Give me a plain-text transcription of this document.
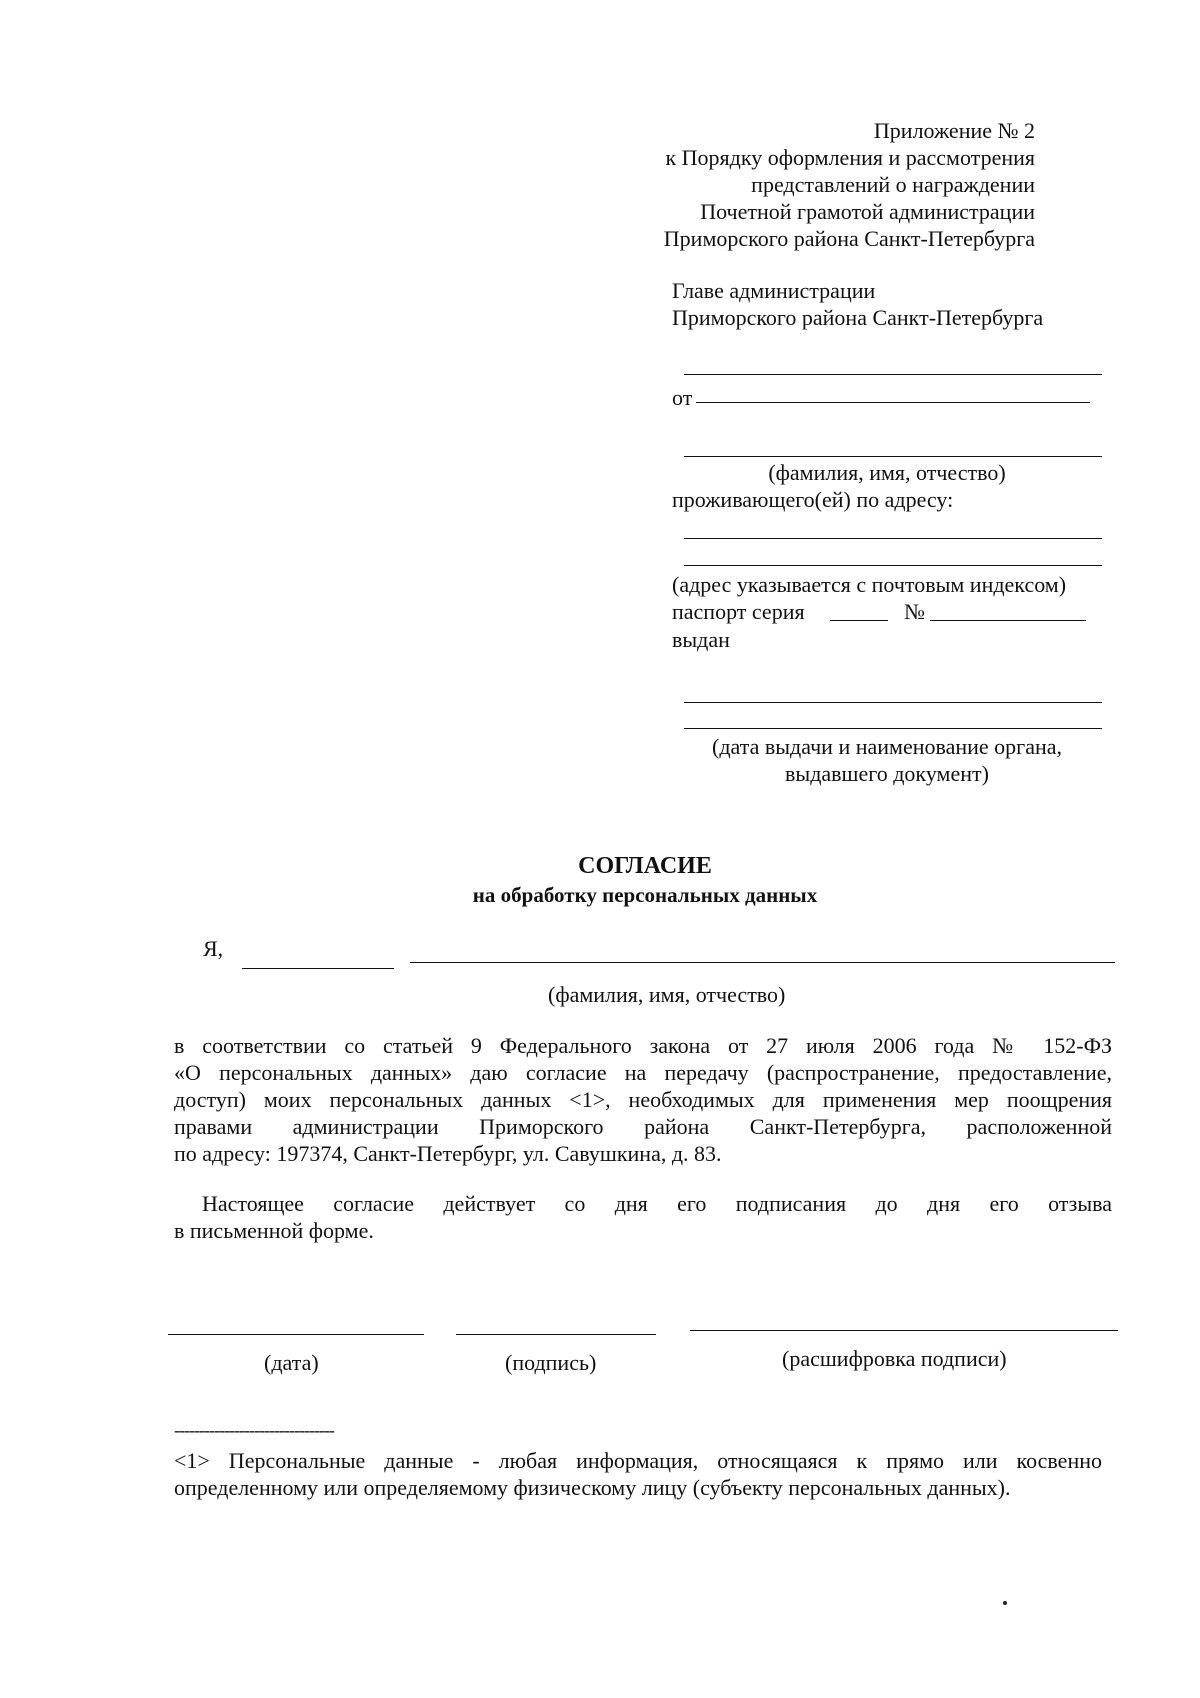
Приложение № 2
к Порядку оформления и рассмотрения
представлений о награждении
Почетной грамотой администрации
Приморского района Санкт-Петербурга
Главе администрации
Приморского района Санкт-Петербурга
от
(фамилия, имя, отчество)
проживающего(ей) по адресу:
(адрес указывается с почтовым индексом)
паспорт серия	№
выдан
(дата выдачи и наименование органа,
выдавшего документ)
СОГЛАСИЕ
на обработку персональных данных
Я,
(фамилия, имя, отчество)
в соответствии со статьей 9 Федерального закона от 27 июля 2006 года № 152-ФЗ
«О персональных данных» даю согласие на передачу (распространение, предоставление,
доступ) моих персональных данных <1>, необходимых для применения мер поощрения
правами администрации Приморского района Санкт-Петербурга, расположенной
по адресу: 197374, Санкт-Петербург, ул. Савушкина, д. 83.
Настоящее согласие действует со дня его подписания до дня его отзыва
в письменной форме.
(дата)	(подпись)	(расшифровка подписи)
--------------------------------
<1> Персональные данные - любая информация, относящаяся к прямо или косвенно
определенному или определяемому физическому лицу (субъекту персональных данных).
